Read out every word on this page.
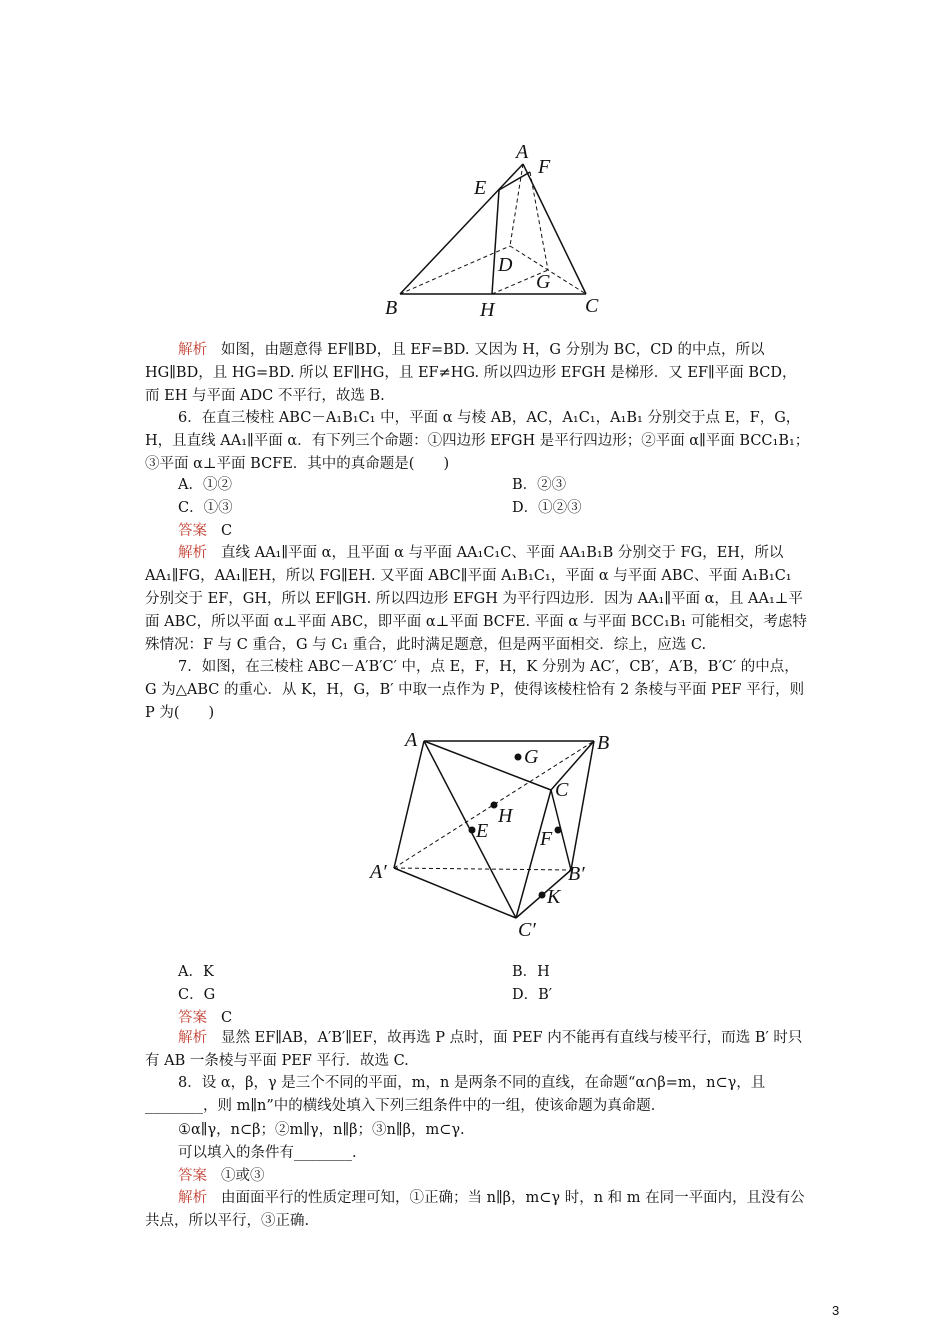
A
F
E
D
G
B	H	C
解析 如图，由题意得 EF∥BD，且 EF=BD. 又因为 H，G 分别为 BC，CD 的中点，所以 HG∥BD，且 HG=BD. 所以 EF∥HG，且 EF≠HG. 所以四边形 EFGH 是梯形．又 EF∥平面 BCD，而 EH 与平面 ADC 不平行，故选 B.
6．在直三棱柱 ABC－A₁B₁C₁ 中，平面 α 与棱 AB，AC，A₁C₁，A₁B₁ 分别交于点 E，F，G，H，且直线 AA₁∥平面 α．有下列三个命题：①四边形 EFGH 是平行四边形；②平面 α∥平面 BCC₁B₁；③平面 α⊥平面 BCFE．其中的真命题是(　　)
A．①②	B．②③
C．①③	D．①②③
答案 C
解析 直线 AA₁∥平面 α，且平面 α 与平面 AA₁C₁C、平面 AA₁B₁B 分别交于 FG，EH，所以 AA₁∥FG，AA₁∥EH，所以 FG∥EH. 又平面 ABC∥平面 A₁B₁C₁，平面 α 与平面 ABC、平面 A₁B₁C₁ 分别交于 EF，GH，所以 EF∥GH. 所以四边形 EFGH 为平行四边形．因为 AA₁∥平面 α，且 AA₁⊥平面 ABC，所以平面 α⊥平面 ABC，即平面 α⊥平面 BCFE. 平面 α 与平面 BCC₁B₁ 可能相交，考虑特殊情况：F 与 C 重合，G 与 C₁ 重合，此时满足题意，但是两平面相交．综上，应选 C.
7．如图，在三棱柱 ABC－A′B′C′ 中，点 E，F，H，K 分别为 AC′，CB′，A′B，B′C′ 的中点，G 为△ABC 的重心．从 K，H，G，B′ 中取一点作为 P，使得该棱柱恰有 2 条棱与平面 PEF 平行，则 P 为(　　)
A	B
G
C
H
E	F
A′	B′
K
C′
A．K	B．H
C．G	D．B′
答案 C
解析 显然 EF∥AB，A′B′∥EF，故再选 P 点时，面 PEF 内不能再有直线与棱平行，而选 B′ 时只有 AB 一条棱与平面 PEF 平行．故选 C.
8．设 α，β，γ 是三个不同的平面，m，n 是两条不同的直线，在命题“α∩β=m，n⊂γ，且________，则 m∥n”中的横线处填入下列三组条件中的一组，使该命题为真命题．
①α∥γ，n⊂β；②m∥γ，n∥β；③n∥β，m⊂γ.
可以填入的条件有________.
答案 ①或③
解析 由面面平行的性质定理可知，①正确；当 n∥β，m⊂γ 时，n 和 m 在同一平面内，且没有公共点，所以平行，③正确.
3
